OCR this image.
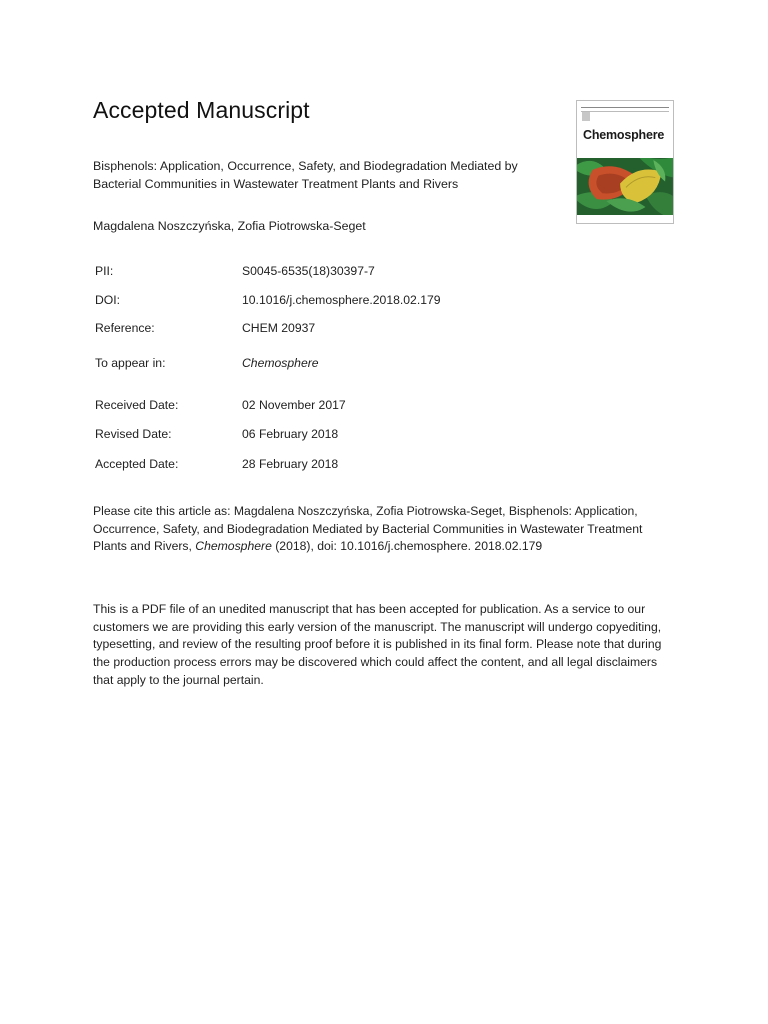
Accepted Manuscript
Chemosphere
Bisphenols: Application, Occurrence, Safety, and Biodegradation Mediated by Bacterial Communities in Wastewater Treatment Plants and Rivers
Magdalena Noszczyńska, Zofia Piotrowska-Seget
PII:	S0045-6535(18)30397-7
DOI:	10.1016/j.chemosphere.2018.02.179
Reference:	CHEM 20937
To appear in:	Chemosphere
Received Date:	02 November 2017
Revised Date:	06 February 2018
Accepted Date:	28 February 2018
Please cite this article as: Magdalena Noszczyńska, Zofia Piotrowska-Seget, Bisphenols: Application, Occurrence, Safety, and Biodegradation Mediated by Bacterial Communities in Wastewater Treatment Plants and Rivers, Chemosphere (2018), doi: 10.1016/j.chemosphere. 2018.02.179
This is a PDF file of an unedited manuscript that has been accepted for publication. As a service to our customers we are providing this early version of the manuscript. The manuscript will undergo copyediting, typesetting, and review of the resulting proof before it is published in its final form. Please note that during the production process errors may be discovered which could affect the content, and all legal disclaimers that apply to the journal pertain.
